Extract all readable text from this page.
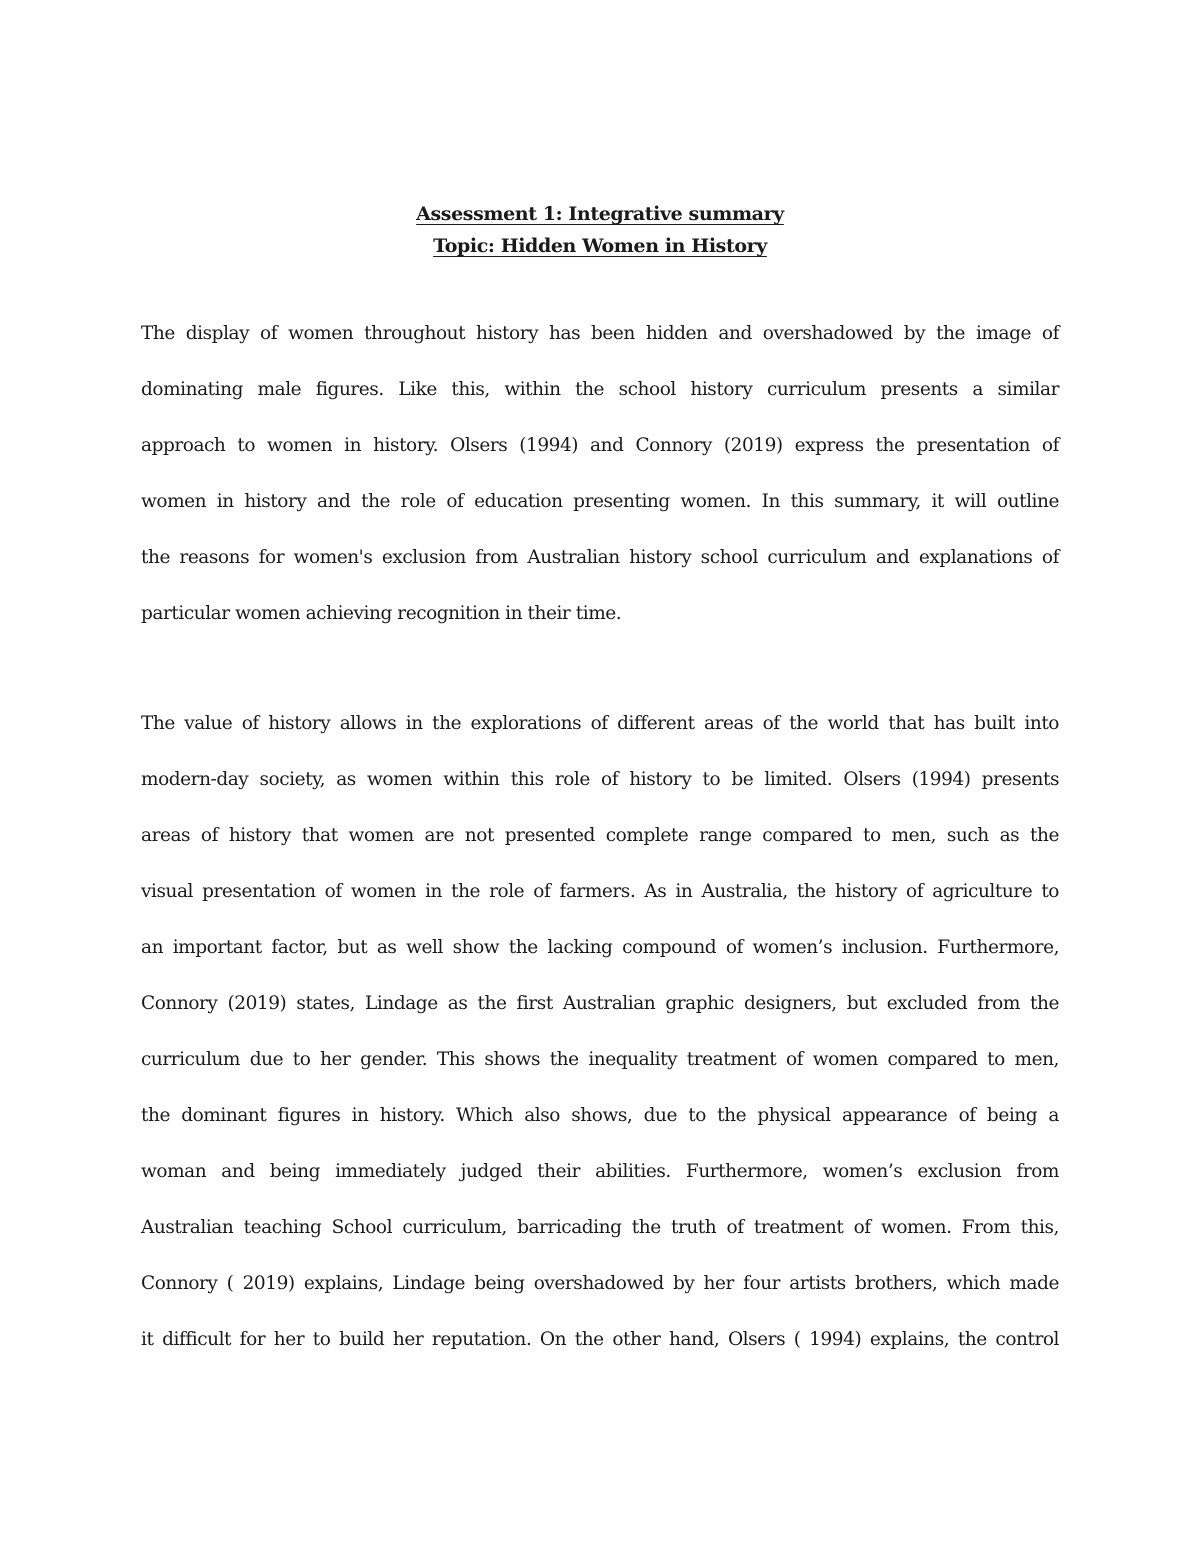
Assessment 1: Integrative summary
Topic: Hidden Women in History

The display of women throughout history has been hidden and overshadowed by the image of
dominating male figures. Like this, within the school history curriculum presents a similar
approach to women in history. Olsers (1994) and Connory (2019) express the presentation of
women in history and the role of education presenting women. In this summary, it will outline
the reasons for women's exclusion from Australian history school curriculum and explanations of
particular women achieving recognition in their time.

The value of history allows in the explorations of different areas of the world that has built into
modern-day society, as women within this role of history to be limited. Olsers (1994) presents
areas of history that women are not presented complete range compared to men, such as the
visual presentation of women in the role of farmers. As in Australia, the history of agriculture to
an important factor, but as well show the lacking compound of women’s inclusion. Furthermore,
Connory (2019) states, Lindage as the first Australian graphic designers, but excluded from the
curriculum due to her gender. This shows the inequality treatment of women compared to men,
the dominant figures in history. Which also shows, due to the physical appearance of being a
woman and being immediately judged their abilities. Furthermore, women’s exclusion from
Australian teaching School curriculum, barricading the truth of treatment of women. From this,
Connory ( 2019) explains, Lindage being overshadowed by her four artists brothers, which made
it difficult for her to build her reputation. On the other hand, Olsers ( 1994) explains, the control
